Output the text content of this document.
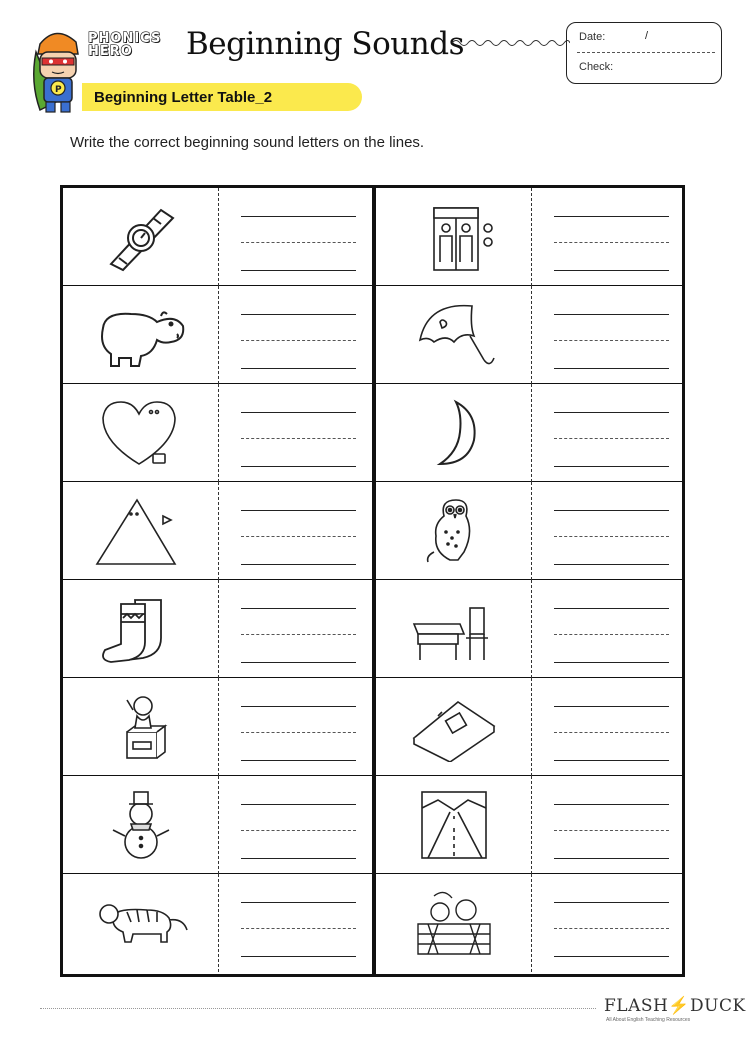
P
PHONICS
HERO	Beginning Sounds
Beginning Letter Table_2
Date:	/
Check:
Write the correct beginning sound letters on the lines.
FLASH⚡DUCK
All About English Teaching Resources
